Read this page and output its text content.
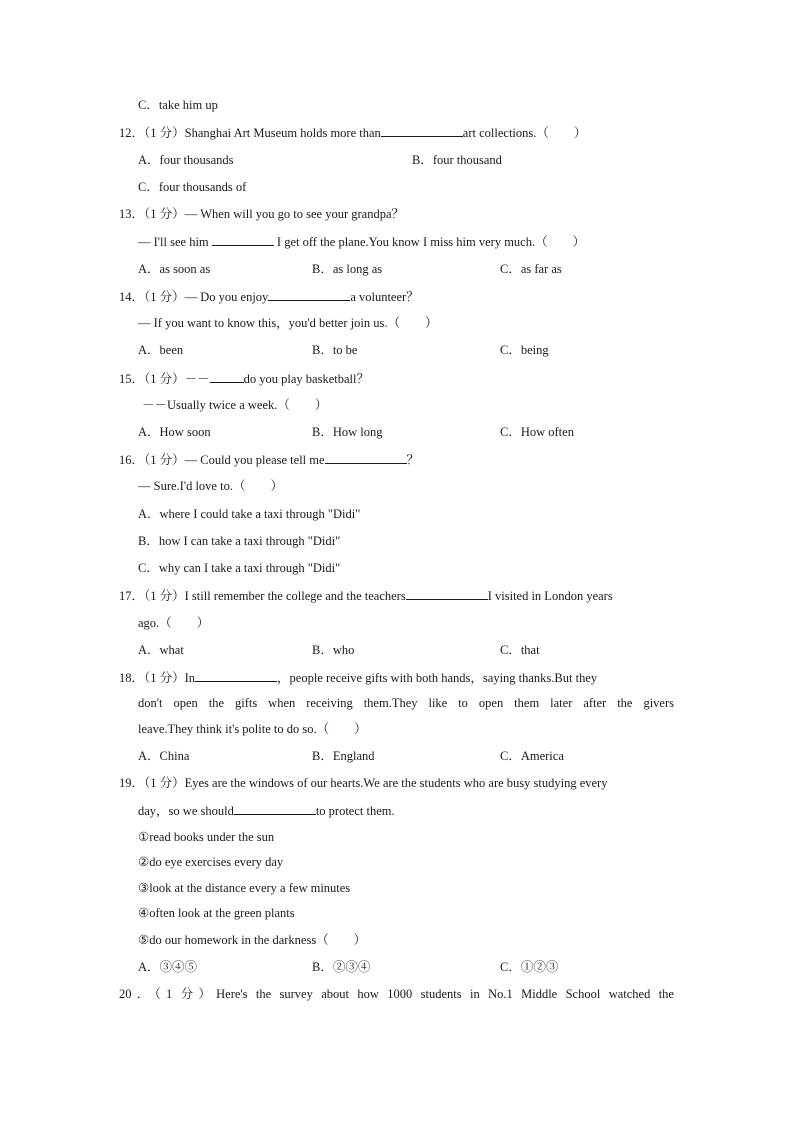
C．take him up
12．（1 分）Shanghai Art Museum holds more than	art collections.（　　）
A．four thousands	B．four thousand
C．four thousands of
13．（1 分）— When will you go to see your grandpa？
— I'll see him	I get off the plane.You know I miss him very much.（　　）
A．as soon as	B．as long as	C．as far as
14．（1 分）— Do you enjoy	a volunteer？
— If you want to know this，you'd better join us.（　　）
A．been	B．to be	C．being
15．（1 分）－－	do you play basketball？
－－Usually twice a week.（　　）
A．How soon	B．How long	C．How often
16．（1 分）— Could you please tell me	？
— Sure.I'd love to.（　　）
A．where I could take a taxi through "Didi"
B．how I can take a taxi through "Didi"
C．why can I take a taxi through "Didi"
17．（1 分）I still remember the college and the teachers	I visited in London years
ago.（　　）
A．what	B．who	C．that
18．（1 分）In	，people receive gifts with both hands，saying thanks.But they
don't open the gifts when receiving them.They like to open them later after the givers
leave.They think it's polite to do so.（　　）
A．China	B．England	C．America
19．（1 分）Eyes are the windows of our hearts.We are the students who are busy studying every
day，so we should	to protect them.
①read books under the sun
②do eye exercises every day
③look at the distance every a few minutes
④often look at the green plants
⑤do our homework in the darkness（　　）
A．③④⑤	B．②③④	C．①②③
20．（1 分）Here's the survey about how 1000 students in No.1 Middle School watched the
